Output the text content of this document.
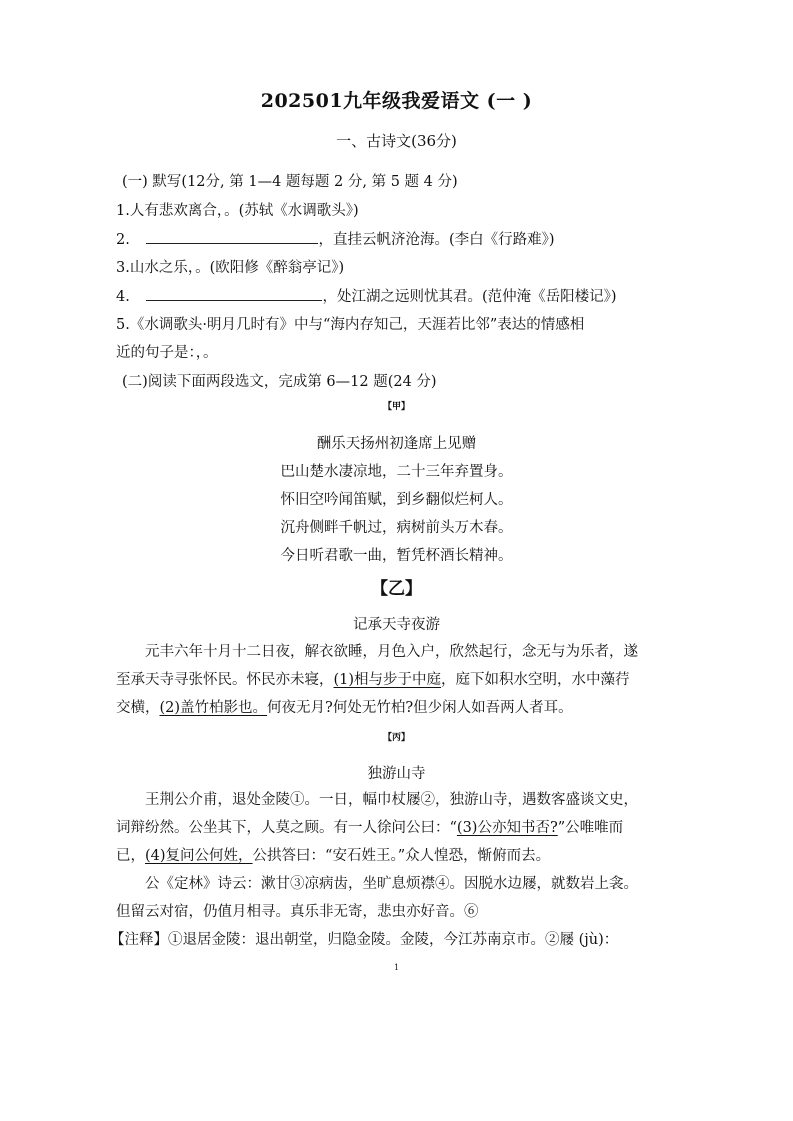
202501九年级我爱语文 (一 )
一、古诗文(36分)
(一) 默写(12分, 第 1—4 题每题 2 分, 第 5 题 4 分)
1.人有悲欢离合，。(苏轼《水调歌头》)
2.	，直挂云帆济沧海。(李白《行路难》)
3.山水之乐，。(欧阳修《醉翁亭记》)
4.	，处江湖之远则忧其君。(范仲淹《岳阳楼记》)
5.《水调歌头·明月几时有》中与“海内存知己，天涯若比邻”表达的情感相
近的句子是：，。
(二)阅读下面两段选文，完成第 6—12 题(24 分)
【甲】
酬乐天扬州初逢席上见赠
巴山楚水凄凉地，二十三年弃置身。
怀旧空吟闻笛赋，到乡翻似烂柯人。
沉舟侧畔千帆过，病树前头万木春。
今日听君歌一曲，暂凭杯酒长精神。
【乙】
记承天寺夜游
元丰六年十月十二日夜，解衣欲睡，月色入户，欣然起行，念无与为乐者，遂
至承天寺寻张怀民。怀民亦未寝，(1)相与步于中庭，庭下如积水空明，水中藻荇
交横，(2)盖竹柏影也。何夜无月?何处无竹柏?但少闲人如吾两人者耳。
【丙】
独游山寺
王荆公介甫，退处金陵①。一日，幅巾杖屦②，独游山寺，遇数客盛谈文史，
词辩纷然。公坐其下，人莫之顾。有一人徐问公曰：“(3)公亦知书否?”公唯唯而
已，(4)复问公何姓，公拱答曰：“安石姓王。”众人惶恐，惭俯而去。
公《定林》诗云：漱甘③凉病齿，坐旷息烦襟④。因脱水边屦，就数岩上衾。
但留云对宿，仍值月相寻。真乐非无寄，悲虫亦好音。⑥
【注释】①退居金陵：退出朝堂，归隐金陵。金陵，今江苏南京市。②屦 (jù)：
1
